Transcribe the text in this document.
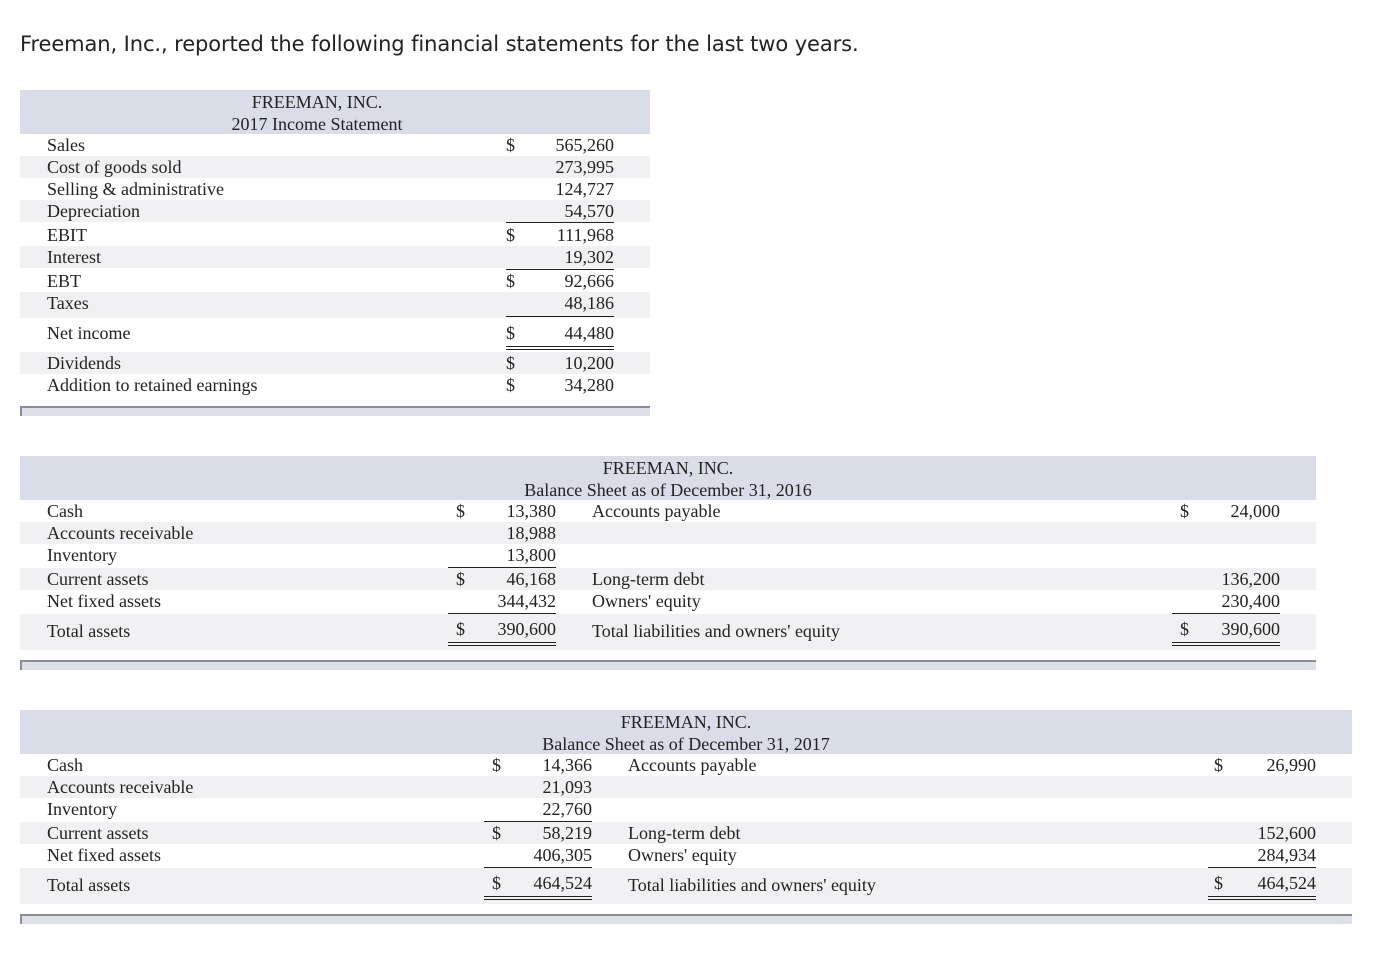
Freeman, Inc., reported the following financial statements for the last two years.
FREEMAN, INC.
2017 Income Statement
Sales	$	565,260
Cost of goods sold	273,995
Selling & administrative	124,727
Depreciation	54,570
EBIT	$	111,968
Interest	19,302
EBT	$	92,666
Taxes	48,186
Net income	$	44,480
Dividends	$	10,200
Addition to retained earnings	$	34,280
FREEMAN, INC.
Balance Sheet as of December 31, 2016
Cash	$	13,380 Accounts payable	$	24,000
Accounts receivable	18,988
Inventory	13,800
Current assets	$	46,168 Long-term debt	136,200
Net fixed assets	344,432 Owners' equity	230,400
Total assets	$	390,600 Total liabilities and owners' equity	$	390,600
FREEMAN, INC.
Balance Sheet as of December 31, 2017
Cash	$	14,366 Accounts payable	$	26,990
Accounts receivable	21,093
Inventory	22,760
Current assets	$	58,219 Long-term debt	152,600
Net fixed assets	406,305 Owners' equity	284,934
Total assets	$	464,524 Total liabilities and owners' equity	$	464,524
